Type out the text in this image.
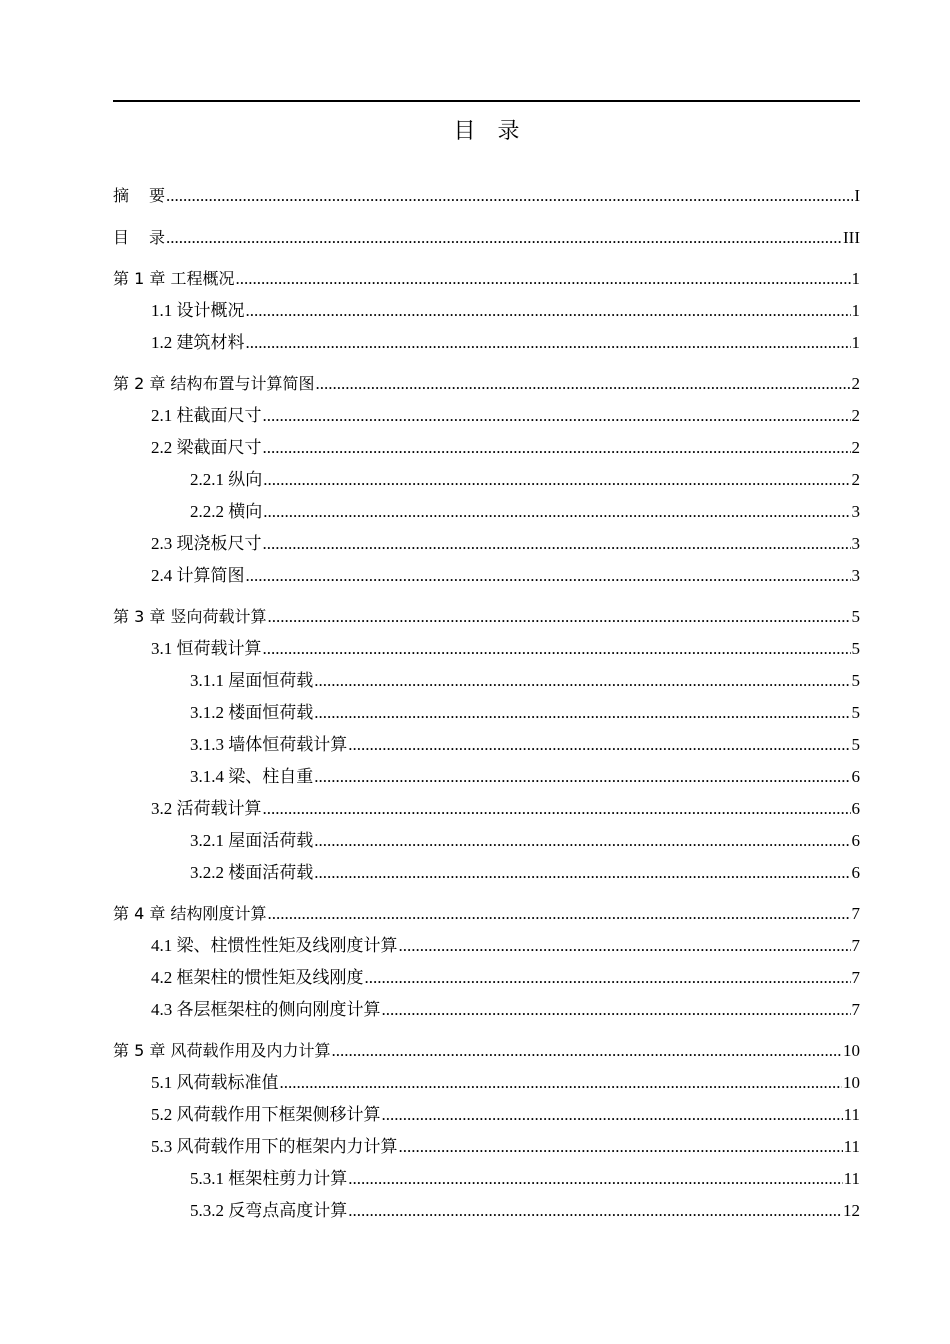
目录
摘要 .....	I
目录 .....	III
第 1 章 工程概况 .....	1
1.1 设计概况 .....	1
1.2 建筑材料 .....	1
第 2 章 结构布置与计算简图 .....	2
2.1 柱截面尺寸 .....	2
2.2 梁截面尺寸 .....	2
2.2.1 纵向 .....	2
2.2.2 横向 .....	3
2.3 现浇板尺寸 .....	3
2.4 计算简图 .....	3
第 3 章 竖向荷载计算 .....	5
3.1 恒荷载计算 .....	5
3.1.1 屋面恒荷载 .....	5
3.1.2 楼面恒荷载 .....	5
3.1.3 墙体恒荷载计算 .....	5
3.1.4 梁、柱自重 .....	6
3.2 活荷载计算 .....	6
3.2.1 屋面活荷载 .....	6
3.2.2 楼面活荷载 .....	6
第 4 章 结构刚度计算 .....	7
4.1 梁、柱惯性性矩及线刚度计算 .....	7
4.2 框架柱的惯性矩及线刚度 .....	7
4.3 各层框架柱的侧向刚度计算 .....	7
第 5 章 风荷载作用及内力计算 .....	10
5.1 风荷载标准值 .....	10
5.2 风荷载作用下框架侧移计算 .....	11
5.3 风荷载作用下的框架内力计算 .....	11
5.3.1 框架柱剪力计算 .....	11
5.3.2 反弯点高度计算 .....	12
